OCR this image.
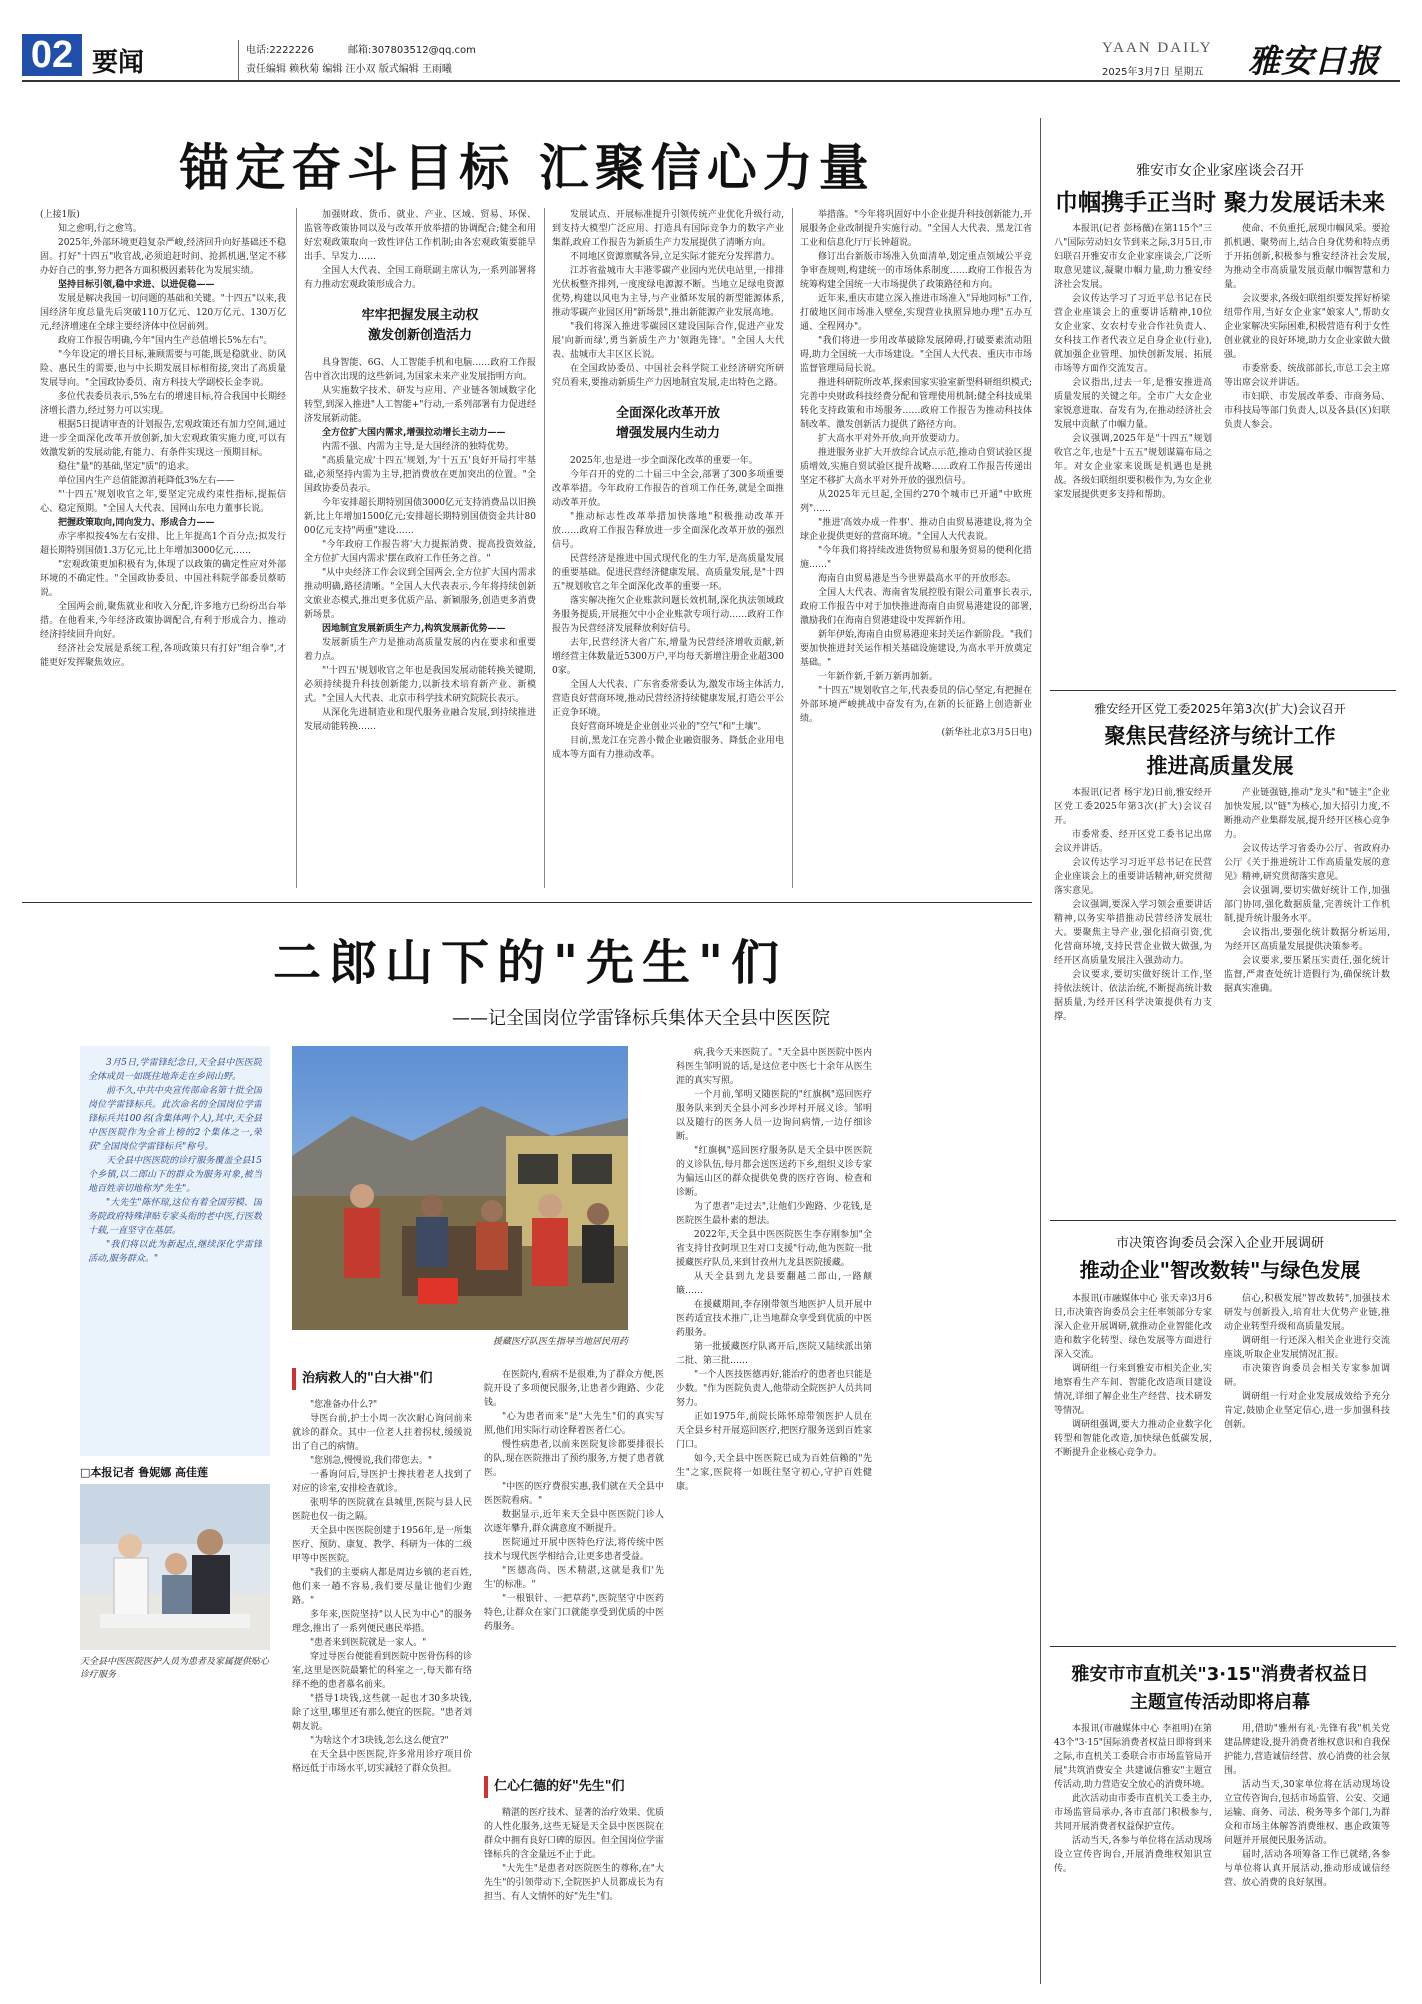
02 要闻	电话:2222226	邮箱:307803512@qq.com
责任编辑 赖秋菊 编辑 汪小双 版式编辑 王雨曦
YAAN DAILY
2025年3月7日 星期五 雅安日报
锚定奋斗目标 汇聚信心力量
(上接1版)
知之愈明,行之愈笃。
2025年,外部环境更趋复杂严峻,经济回升向好基础还不稳固。打好"十四五"收官战,必须追赶时间、抢抓机遇,坚定不移办好自己的事,努力把各方面积极因素转化为发展实绩。
坚持目标引领,稳中求进、以进促稳——
发展是解决我国一切问题的基础和关键。"十四五"以来,我国经济年度总量先后突破110万亿元、120万亿元、130万亿元,经济增速在全球主要经济体中位居前列。
政府工作报告明确,今年"国内生产总值增长5%左右"。
"今年设定的增长目标,兼顾需要与可能,既是稳就业、防风险、惠民生的需要,也与中长期发展目标相衔接,突出了高质量发展导向。"全国政协委员、南方科技大学副校长金李说。
多位代表委员表示,5%左右的增速目标,符合我国中长期经济增长潜力,经过努力可以实现。
根据5日提请审查的计划报告,宏观政策还有加力空间,通过进一步全面深化改革开放创新,加大宏观政策实施力度,可以有效激发新的发展动能,有能力、有条件实现这一预期目标。
稳住"量"的基础,坚定"质"的追求。
单位国内生产总值能源消耗降低3%左右——
"'十四五'规划收官之年,要坚定完成约束性指标,提振信心、稳定预期。"全国人大代表、国网山东电力董事长说。
把握政策取向,同向发力、形成合力——
赤字率拟按4%左右安排、比上年提高1个百分点;拟发行超长期特别国债1.3万亿元,比上年增加3000亿元……
"宏观政策更加积极有为,体现了以政策的确定性应对外部环境的不确定性。"全国政协委员、中国社科院学部委员蔡昉说。
全国两会前,聚焦就业和收入分配,许多地方已纷纷出台举措。在他看来,今年经济政策协调配合,有利于形成合力、推动经济持续回升向好。
经济社会发展是系统工程,各项政策只有打好"组合拳",才能更好发挥聚焦效应。
加强财政、货币、就业、产业、区域、贸易、环保、监管等政策协同以及与改革开放举措的协调配合;健全和用好宏观政策取向一致性评估工作机制;由各宏观政策要能早出手、早发力……
全国人大代表、全国工商联副主席认为,一系列部署将有力推动宏观政策形成合力。
牢牢把握发展主动权
激发创新创造活力
具身智能、6G、人工智能手机和电脑……政府工作报告中首次出现的这些新词,为国家未来产业发展指明方向。
从实施数字技术、研发与应用、产业链各领域数字化转型,到深入推进"人工智能+"行动,一系列部署有力促进经济发展新动能。
全方位扩大国内需求,增强拉动增长主动力——
内需不强、内需为主导,是大国经济的独特优势。
"高质量完成'十四五'规划,为'十五五'良好开局打牢基础,必须坚持内需为主导,把消费放在更加突出的位置。"全国政协委员表示。
今年安排超长期特别国债3000亿元支持消费品以旧换新,比上年增加1500亿元;安排超长期特别国债资金共计8000亿元支持"两重"建设……
"今年政府工作报告将'大力提振消费、提高投资效益,全方位扩大国内需求'摆在政府工作任务之首。"
"从中央经济工作会议到全国两会,全方位扩大国内需求推动明确,路径清晰。"全国人大代表表示,今年将持续创新文旅业态模式,推出更多优质产品、新颖服务,创造更多消费新场景。
因地制宜发展新质生产力,构筑发展新优势——
发展新质生产力是推动高质量发展的内在要求和重要着力点。
"'十四五'规划收官之年也是我国发展动能转换关键期,必须持续提升科技创新能力,以新技术培育新产业、新模式。"全国人大代表、北京市科学技术研究院院长表示。
从深化先进制造业和现代服务业融合发展,到持续推进发展动能转换……
发展试点、开展标准提升引领传统产业优化升级行动,到支持大模型广泛应用、打造具有国际竞争力的数字产业集群,政府工作报告为新质生产力发展提供了清晰方向。
不同地区资源禀赋各异,立足实际才能充分发挥潜力。
江苏省盐城市大丰港零碳产业园内光伏电站里,一排排光伏板整齐排列,一度度绿电源源不断。当地立足绿电资源优势,构建以风电为主导,与产业循环发展的新型能源体系,推动零碳产业园区用"新场景",推出新能源产业发展高地。
"我们将深入推进零碳园区建设国际合作,促进产业发展'向新而绿',勇当新质生产力'领跑先锋'。"全国人大代表、盐城市大丰区区长说。
在全国政协委员、中国社会科学院工业经济研究所研究员看来,要推动新质生产力因地制宜发展,走出特色之路。
全面深化改革开放
增强发展内生动力
2025年,也是进一步全面深化改革的重要一年。
今年召开的党的二十届三中全会,部署了300多项重要改革举措。今年政府工作报告的首项工作任务,就是全面推动改革开放。
"推动标志性改革举措加快落地"积极推动改革开放……政府工作报告释放进一步全面深化改革开放的强烈信号。
民营经济是推进中国式现代化的生力军,是高质量发展的重要基础。促进民营经济健康发展、高质量发展,是"十四五"规划收官之年全面深化改革的重要一环。
落实解决拖欠企业账款问题长效机制,深化执法领域政务服务提质,开展拖欠中小企业账款专项行动……政府工作报告为民营经济发展释放利好信号。
去年,民营经济大省广东,增量为民营经济增收贡献,新增经营主体数量近5300万户,平均每天新增注册企业超3000家。
全国人大代表、广东省委常委认为,激发市场主体活力,营造良好营商环境,推动民营经济持续健康发展,打造公平公正竞争环境。
良好营商环境是企业创业兴业的"空气"和"土壤"。
目前,黑龙江在完善小微企业融资服务、降低企业用电成本等方面有力推动改革。
举措落。"今年将巩固好中小企业提升科技创新能力,开展服务企业改制提升实施行动。"全国人大代表、黑龙江省工业和信息化厅厅长钟超说。
修订出台新版市场准入负面清单,划定重点领域公平竞争审查规则,构建统一的市场体系制度……政府工作报告为统筹构建全国统一大市场提供了政策路径和方向。
近年来,重庆市建立深入推进市场准入"异地同标"工作,打破地区间市场准入壁垒,实现营业执照异地办理"五办互通、全程网办"。
"我们将进一步用改革破除发展障碍,打破要素流动阻碍,助力全国统一大市场建设。"全国人大代表、重庆市市场监督管理局局长说。
推进科研院所改革,探索国家实验室新型科研组织模式;完善中央财政科技经费分配和管理使用机制;健全科技成果转化支持政策和市场服务……政府工作报告为推动科技体制改革、激发创新活力提供了路径方向。
扩大高水平对外开放,向开放要动力。
推进服务业扩大开放综合试点示范,推动自贸试验区提质增效,实施自贸试验区提升战略……政府工作报告传递出坚定不移扩大高水平对外开放的强烈信号。
从2025年元旦起,全国约270个城市已开通"中欧班列"……
"推进'高效办成一件事'、推动自由贸易港建设,将为全球企业提供更好的营商环境。"全国人大代表说。
"今年我们将持续改进货物贸易和服务贸易的便利化措施……"
海南自由贸易港是当今世界最高水平的开放形态。
全国人大代表、海南省发展控股有限公司董事长表示,政府工作报告中对于加快推进海南自由贸易港建设的部署,激励我们在海南自贸港建设中发挥新作用。
新年伊始,海南自由贸易港迎来封关运作新阶段。"我们要加快推进封关运作相关基础设施建设,为高水平开放奠定基础。"
一年新作新,千新万新再加新。
"十四五"规划收官之年,代表委员的信心坚定,有把握在外部环境严峻挑战中奋发有为,在新的长征路上创造新业绩。
(新华社北京3月5日电)
二郎山下的"先生"们
——记全国岗位学雷锋标兵集体天全县中医医院
3月5日,学雷锋纪念日,天全县中医医院全体成员一如既往地奔走在乡间山野。
前不久,中共中央宣传部命名第十批全国岗位学雷锋标兵。此次命名的全国岗位学雷锋标兵共100名(含集体两个人),其中,天全县中医医院作为全省上榜的2个集体之一,荣获"全国岗位学雷锋标兵"称号。
天全县中医医院的诊疗服务覆盖全县15个乡镇,以二郎山下的群众为服务对象,被当地百姓亲切地称为"先生"。
"大先生"陈怀琼,这位有着全国劳模、国务院政府特殊津贴专家头衔的老中医,行医数十载,一直坚守在基层。
"我们将以此为新起点,继续深化学雷锋活动,服务群众。"
□本报记者 鲁妮娜 高佳莲
援藏医疗队医生指导当地居民用药
天全县中医医院医护人员为患者及家属提供贴心诊疗服务
治病救人的"白大褂"们
"您准备办什么?"
导医台前,护士小周一次次耐心询问前来就诊的群众。其中一位老人拄着拐杖,缓缓说出了自己的病情。
"您别急,慢慢说,我们带您去。"
一番询问后,导医护士搀扶着老人找到了对应的诊室,安排检查就诊。
张明华的医院就在县城里,医院与县人民医院也仅一街之隔。
天全县中医医院创建于1956年,是一所集医疗、预防、康复、教学、科研为一体的二级甲等中医医院。
"我们的主要病人都是周边乡镇的老百姓,他们来一趟不容易,我们要尽量让他们少跑路。"
多年来,医院坚持"以人民为中心"的服务理念,推出了一系列便民惠民举措。
"患者来到医院就是一家人。"
穿过导医台便能看到医院中医骨伤科的诊室,这里是医院最繁忙的科室之一,每天都有络绎不绝的患者慕名前来。
"搭导1块钱,这些就一起也才30多块钱,除了这里,哪里还有那么便宜的医院。"患者刘朝友说。
"为啥这个才3块钱,怎么这么便宜?"
在天全县中医医院,许多常用诊疗项目价格远低于市场水平,切实减轻了群众负担。
在医院内,看病不是很难,为了群众方便,医院开设了多项便民服务,让患者少跑路、少花钱。
"心为患者而来"是"大先生"们的真实写照,他们用实际行动诠释着医者仁心。
慢性病患者,以前来医院复诊都要排很长的队,现在医院推出了预约服务,方便了患者就医。
"中医的医疗费很实惠,我们就在天全县中医医院看病。"
数据显示,近年来天全县中医医院门诊人次逐年攀升,群众满意度不断提升。
医院通过开展中医特色疗法,将传统中医技术与现代医学相结合,让更多患者受益。
"医德高尚、医术精湛,这就是我们'先生'的标准。"
"一根银针、一把草药",医院坚守中医药特色,让群众在家门口就能享受到优质的中医药服务。
仁心仁德的好"先生"们
精湛的医疗技术、显著的治疗效果、优质的人性化服务,这些无疑是天全县中医医院在群众中拥有良好口碑的原因。但全国岗位学雷锋标兵的含金量远不止于此。
"大先生"是患者对医院医生的尊称,在"大先生"的引领带动下,全院医护人员都成长为有担当、有人文情怀的好"先生"们。
病,我今天来医院了。"天全县中医医院中医内科医生邹明说的话,是这位老中医七十余年从医生涯的真实写照。
一个月前,邹明又随医院的"红旗枫"巡回医疗服务队来到天全县小河乡沙坪村开展义诊。邹明以及随行的医务人员一边询问病情,一边仔细诊断。
"红旗枫"巡回医疗服务队是天全县中医医院的义诊队伍,每月都会送医送药下乡,组织义诊专家为偏远山区的群众提供免费的医疗咨询、检查和诊断。
为了患者"走过去",让他们少跑路、少花钱,是医院医生最朴素的想法。
2022年,天全县中医医院医生李存刚参加"全省支持甘孜阿坝卫生对口支援"行动,他为医院一批援藏医疗队员,来到甘孜州九龙县医院援藏。
从天全县到九龙县要翻越二郎山,一路颠簸……
在援藏期间,李存刚带领当地医护人员开展中医药适宜技术推广,让当地群众享受到优质的中医药服务。
第一批援藏医疗队离开后,医院又陆续派出第二批、第三批……
"一个人医技医德再好,能治疗的患者也只能是少数。"作为医院负责人,他带动全院医护人员共同努力。
正如1975年,前院长陈怀琼带领医护人员在天全县乡村开展巡回医疗,把医疗服务送到百姓家门口。
如今,天全县中医医院已成为百姓信赖的"先生"之家,医院将一如既往坚守初心,守护百姓健康。
雅安市女企业家座谈会召开
巾帼携手正当时 聚力发展话未来
本报讯(记者 彭杨薇)在第115个"三八"国际劳动妇女节到来之际,3月5日,市妇联召开雅安市女企业家座谈会,广泛听取意见建议,凝聚巾帼力量,助力雅安经济社会发展。
会议传达学习了习近平总书记在民营企业座谈会上的重要讲话精神,10位女企业家、女农村专业合作社负责人、女科技工作者代表立足自身企业(行业),就加强企业管理、加快创新发展、拓展市场等方面作交流发言。
会议指出,过去一年,是雅安推进高质量发展的关键之年。全市广大女企业家锐意进取、奋发有为,在推动经济社会发展中贡献了巾帼力量。
会议强调,2025年是"十四五"规划收官之年,也是"十五五"规划谋篇布局之年。对女企业家来说既是机遇也是挑战。各级妇联组织要积极作为,为女企业家发展提供更多支持和帮助。
使命、不负重托,展现巾帼风采。要抢抓机遇、聚势而上,结合自身优势和特点勇于开拓创新,积极参与雅安经济社会发展,为推动全市高质量发展贡献巾帼智慧和力量。
会议要求,各级妇联组织要发挥好桥梁纽带作用,当好女企业家"娘家人",帮助女企业家解决实际困难,积极营造有利于女性创业就业的良好环境,助力女企业家做大做强。
市委常委、统战部部长,市总工会主席等出席会议并讲话。
市妇联、市发展改革委、市商务局、市科技局等部门负责人,以及各县(区)妇联负责人参会。
雅安经开区党工委2025年第3次(扩大)会议召开
聚焦民营经济与统计工作
推进高质量发展
本报讯(记者 杨宇龙)日前,雅安经开区党工委2025年第3次(扩大)会议召开。
市委常委、经开区党工委书记出席会议并讲话。
会议传达学习习近平总书记在民营企业座谈会上的重要讲话精神,研究贯彻落实意见。
会议强调,要深入学习领会重要讲话精神,以务实举措推动民营经济发展壮大。要聚焦主导产业,强化招商引资,优化营商环境,支持民营企业做大做强,为经开区高质量发展注入强劲动力。
会议要求,要切实做好统计工作,坚持依法统计、依法治统,不断提高统计数据质量,为经开区科学决策提供有力支撑。
产业链强链,推动"龙头"和"链主"企业加快发展,以"链"为核心,加大招引力度,不断推动产业集群发展,提升经开区核心竞争力。
会议传达学习省委办公厅、省政府办公厅《关于推进统计工作高质量发展的意见》精神,研究贯彻落实意见。
会议强调,要切实做好统计工作,加强部门协同,强化数据质量,完善统计工作机制,提升统计服务水平。
会议指出,要强化统计数据分析运用,为经开区高质量发展提供决策参考。
会议要求,要压紧压实责任,强化统计监督,严肃查处统计造假行为,确保统计数据真实准确。
市决策咨询委员会深入企业开展调研
推动企业"智改数转"与绿色发展
本报讯(市融媒体中心 张天幸)3月6日,市决策咨询委员会主任率领部分专家深入企业开展调研,就推动企业智能化改造和数字化转型、绿色发展等方面进行深入交流。
调研组一行来到雅安市相关企业,实地察看生产车间、智能化改造项目建设情况,详细了解企业生产经营、技术研发等情况。
调研组强调,要大力推动企业数字化转型和智能化改造,加快绿色低碳发展,不断提升企业核心竞争力。
信心,积极发展"智改数转",加强技术研发与创新投入,培育壮大优势产业链,推动企业转型升级和高质量发展。
调研组一行还深入相关企业进行交流座谈,听取企业发展情况汇报。
市决策咨询委员会相关专家参加调研。
调研组一行对企业发展成效给予充分肯定,鼓励企业坚定信心,进一步加强科技创新。
雅安市市直机关"3·15"消费者权益日
主题宣传活动即将启幕
本报讯(市融媒体中心 李祖明)在第43个"3·15"国际消费者权益日即将到来之际,市直机关工委联合市市场监管局开展"共筑消费安全 共建诚信雅安"主题宣传活动,助力营造安全放心的消费环境。
此次活动由市委市直机关工委主办,市场监管局承办,各市直部门积极参与,共同开展消费者权益保护宣传。
活动当天,各参与单位将在活动现场设立宣传咨询台,开展消费维权知识宣传。
用,借助"雅州有礼·先锋有我"机关党建品牌建设,提升消费者维权意识和自我保护能力,营造诚信经营、放心消费的社会氛围。
活动当天,30家单位将在活动现场设立宣传咨询台,包括市场监管、公安、交通运输、商务、司法、税务等多个部门,为群众和市场主体解答消费维权、惠企政策等问题并开展便民服务活动。
届时,活动各项筹备工作已就绪,各参与单位将认真开展活动,推动形成诚信经营、放心消费的良好氛围。
